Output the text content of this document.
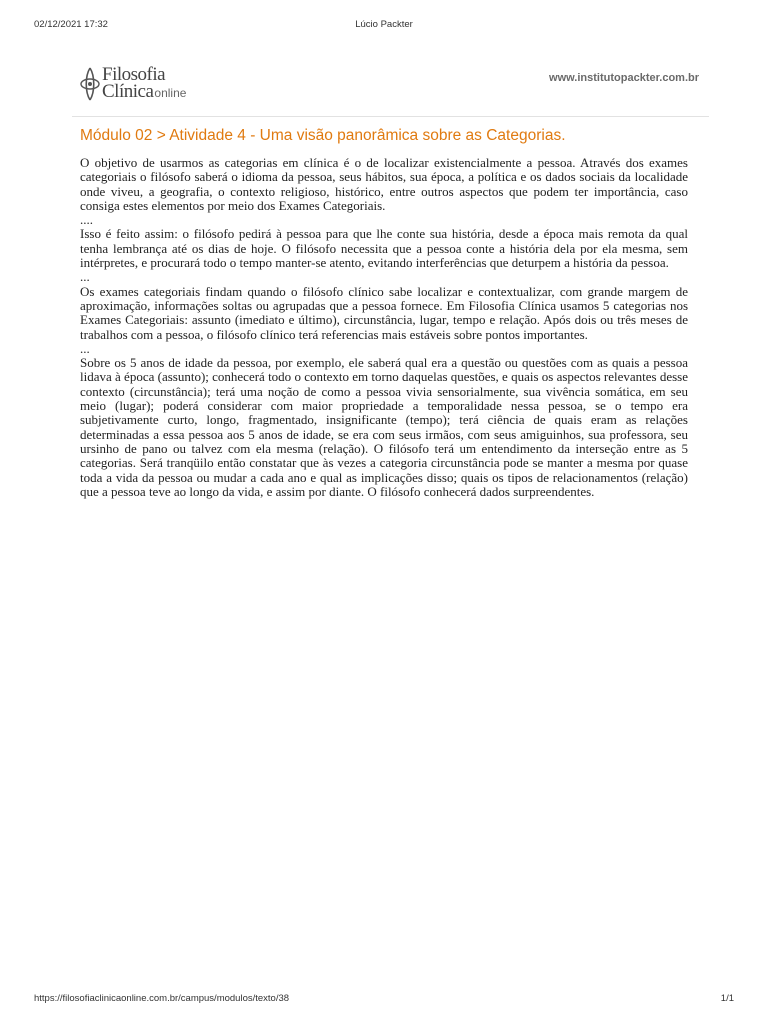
02/12/2021 17:32	Lúcio Packter
Filosofia
Clínicaonline
www.institutopackter.com.br
Módulo 02 > Atividade 4 - Uma visão panorâmica sobre as Categorias.

O objetivo de usarmos as categorias em clínica é o de localizar existencialmente a pessoa. Através dos exames categoriais o filósofo saberá o idioma da pessoa, seus hábitos, sua época, a política e os dados sociais da localidade onde viveu, a geografia, o contexto religioso, histórico, entre outros aspectos que podem ter importância, caso consiga estes elementos por meio dos Exames Categoriais.

....

Isso é feito assim: o filósofo pedirá à pessoa para que lhe conte sua história, desde a época mais remota da qual tenha lembrança até os dias de hoje. O filósofo necessita que a pessoa conte a história dela por ela mesma, sem intérpretes, e procurará todo o tempo manter-se atento, evitando interferências que deturpem a história da pessoa.

...

Os exames categoriais findam quando o filósofo clínico sabe localizar e contextualizar, com grande margem de aproximação, informações soltas ou agrupadas que a pessoa fornece. Em Filosofia Clínica usamos 5 categorias nos Exames Categoriais: assunto (imediato e último), circunstância, lugar, tempo e relação. Após dois ou três meses de trabalhos com a pessoa, o filósofo clínico terá referencias mais estáveis sobre pontos importantes.

...

Sobre os 5 anos de idade da pessoa, por exemplo, ele saberá qual era a questão ou questões com as quais a pessoa lidava à época (assunto); conhecerá todo o contexto em torno daquelas questões, e quais os aspectos relevantes desse contexto (circunstância); terá uma noção de como a pessoa vivia sensorialmente, sua vivência somática, em seu meio (lugar); poderá considerar com maior propriedade a temporalidade nessa pessoa, se o tempo era subjetivamente curto, longo, fragmentado, insignificante (tempo); terá ciência de quais eram as relações determinadas a essa pessoa aos 5 anos de idade, se era com seus irmãos, com seus amiguinhos, sua professora, seu ursinho de pano ou talvez com ela mesma (relação). O filósofo terá um entendimento da interseção entre as 5 categorias. Será tranqüilo então constatar que às vezes a categoria circunstância pode se manter a mesma por quase toda a vida da pessoa ou mudar a cada ano e qual as implicações disso; quais os tipos de relacionamentos (relação) que a pessoa teve ao longo da vida, e assim por diante. O filósofo conhecerá dados surpreendentes.

https://filosofiaclinicaonline.com.br/campus/modulos/texto/38	1/1
